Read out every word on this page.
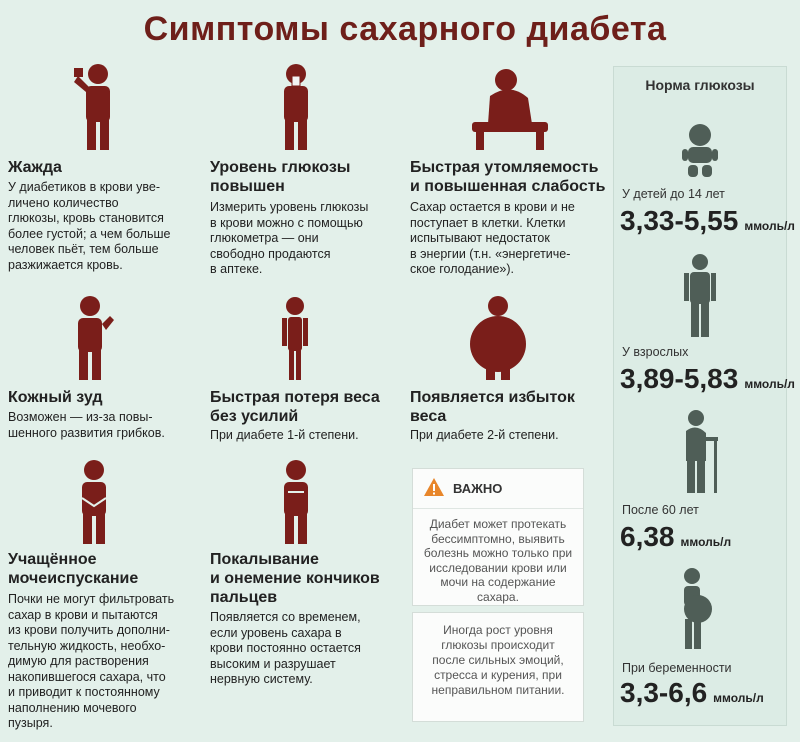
Симптомы сахарного диабета
Жажда

У диабетиков в крови уве-
личено количество
глюкозы, кровь становится
более густой; а чем больше
человек пьёт, тем больше
разжижается кровь.

Уровень глюкозы
повышен

Измерить уровень глюкозы
в крови можно с помощью
глюкометра — они
свободно продаются
в аптеке.

Быстрая утомляемость
и повышенная слабость

Сахар остается в крови и не
поступает в клетки. Клетки
испытывают недостаток
в энергии (т.н. «энергетиче-
ское голодание»).

Кожный зуд

Возможен — из-за повы-
шенного развития грибков.

Быстрая потеря веса
без усилий

При диабете 1-й степени.

Появляется избыток
веса

При диабете 2-й степени.

Учащённое
мочеиспускание

Почки не могут фильтровать
сахар в крови и пытаются
из крови получить дополни-
тельную жидкость, необхо-
димую для растворения
накопившегося сахара, что
и приводит к постоянному
наполнению мочевого
пузыря.

Покалывание
и онемение кончиков
пальцев

Появляется со временем,
если уровень сахара в
крови постоянно остается
высоким и разрушает
нервную систему.

ВАЖНО

Диабет может протекать бессимптомно, выявить болезнь можно только при исследовании крови или мочи на содержание сахара.

Иногда рост уровня глюкозы происходит после сильных эмоций, стресса и курения, при неправильном питании.

Норма глюкозы
У детей до 14 лет
3,33-5,55 ммоль/л
У взрослых
3,89-5,83 ммоль/л
После 60 лет
6,38 ммоль/л
При беременности
3,3-6,6 ммоль/л
